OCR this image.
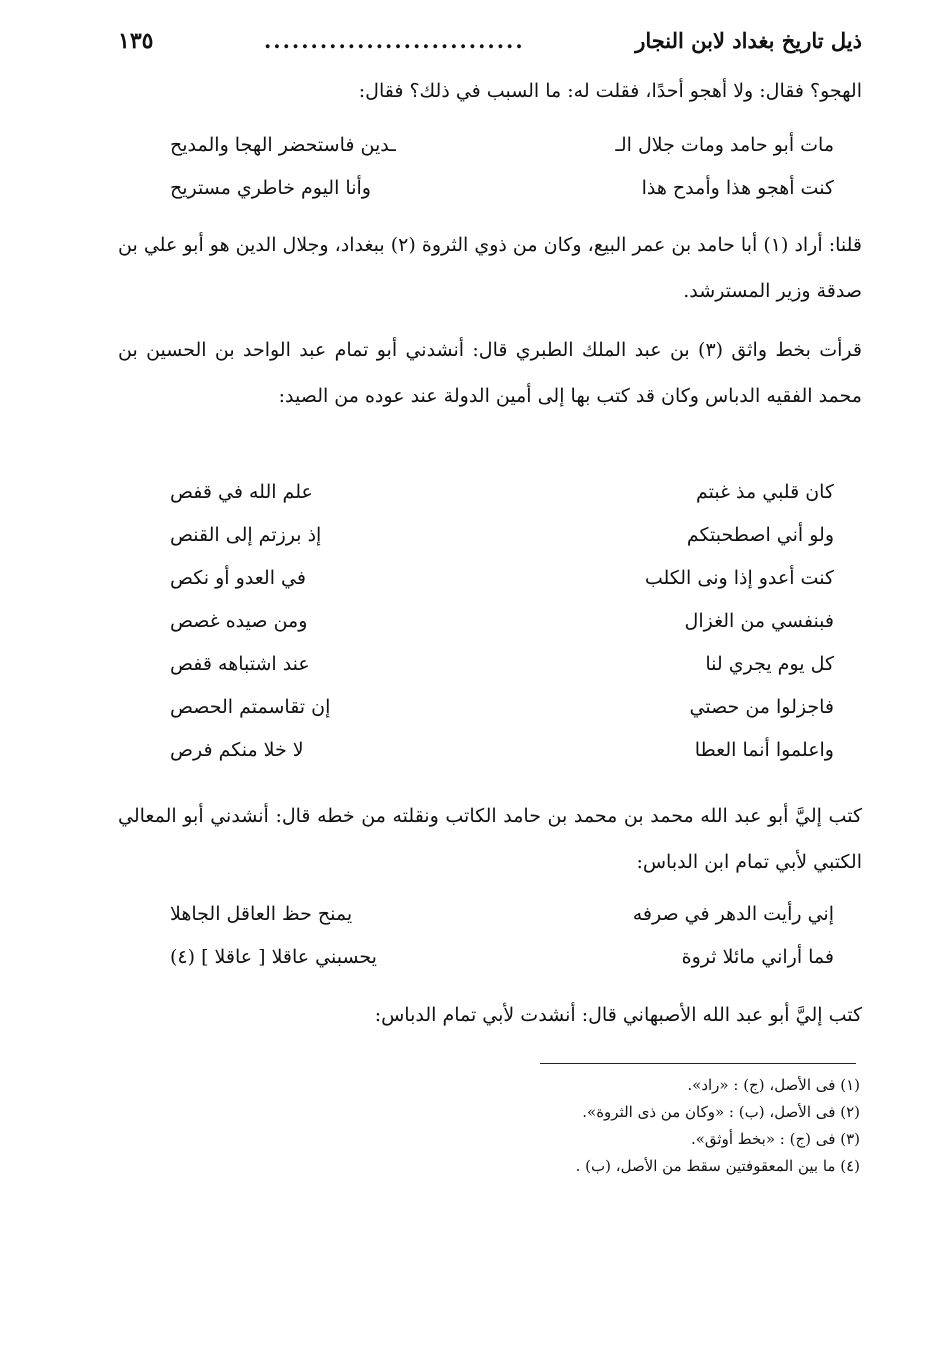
ذيل تاريخ بغداد لابن النجار
............................
١٣٥
الهجو؟ فقال: ولا أهجو أحدًا، فقلت له: ما السبب في ذلك؟ فقال:
مات أبو حامد ومات جلال الـ
ـدين فاستحضر الهجا والمديح
كنت أهجو هذا وأمدح هذا
وأنا اليوم خاطري مستريح
قلنا: أراد (١) أبا حامد بن عمر البيع، وكان من ذوي الثروة (٢) ببغداد، وجلال الدين هو أبو علي بن صدقة وزير المسترشد.
قرأت بخط واثق (٣) بن عبد الملك الطبري قال: أنشدني أبو تمام عبد الواحد بن الحسين بن محمد الفقيه الدباس وكان قد كتب بها إلى أمين الدولة عند عوده من الصيد:
كان قلبي مذ غبتم
علم الله في قفص
ولو أني اصطحبتكم
إذ برزتم إلى القنص
كنت أعدو إذا ونى الكلب
في العدو أو نكص
فبنفسي من الغزال
ومن صيده غصص
كل يوم يجري لنا
عند اشتباهه قفص
فاجزلوا من حصتي
إن تقاسمتم الحصص
واعلموا أنما العطا
لا خلا منكم فرص
كتب إليَّ أبو عبد الله محمد بن محمد بن حامد الكاتب ونقلته من خطه قال: أنشدني أبو المعالي الكتبي لأبي تمام ابن الدباس:
إني رأيت الدهر في صرفه
يمنح حظ العاقل الجاهلا
فما أراني مائلا ثروة
يحسبني عاقلا [ عاقلا ] (٤)
كتب إليَّ أبو عبد الله الأصبهاني قال: أنشدت لأبي تمام الدباس:
(١) فى الأصل، (ج) : «راد».
(٢) فى الأصل، (ب) : «وكان من ذى الثروة».
(٣) فى (ج) : «بخط أوثق».
(٤) ما بين المعقوفتين سقط من الأصل، (ب) .
